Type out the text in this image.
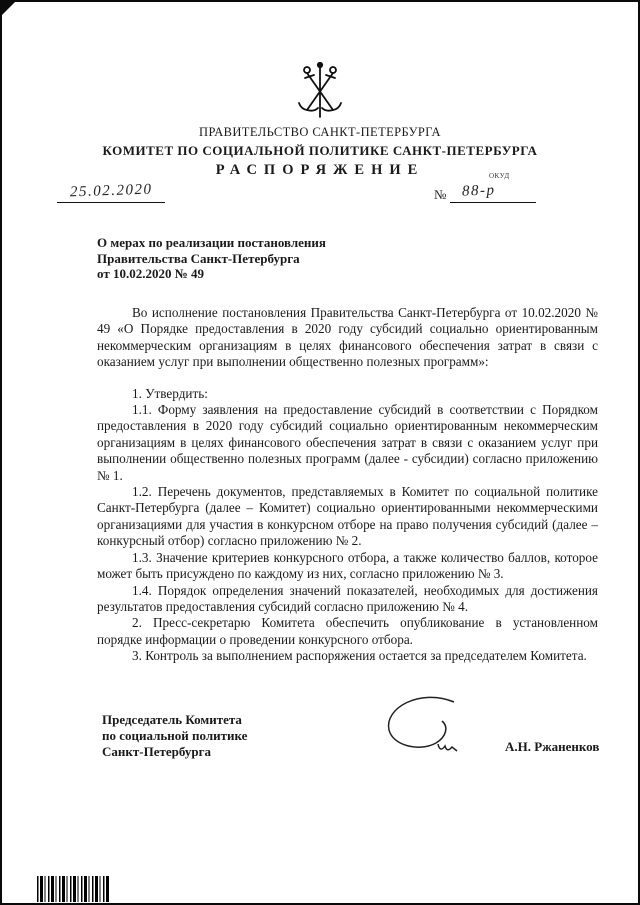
ПРАВИТЕЛЬСТВО САНКТ-ПЕТЕРБУРГА
КОМИТЕТ ПО СОЦИАЛЬНОЙ ПОЛИТИКЕ САНКТ-ПЕТЕРБУРГА
РАСПОРЯЖЕНИЕ	ОКУД
25.02.2020	№	88-р
О мерах по реализации постановления
Правительства Санкт-Петербурга
от 10.02.2020 № 49

Во исполнение постановления Правительства Санкт-Петербурга от 10.02.2020 № 49 «О Порядке предоставления в 2020 году субсидий социально ориентированным некоммерческим организациям в целях финансового обеспечения затрат в связи с оказанием услуг при выполнении общественно полезных программ»:

1. Утвердить:

1.1. Форму заявления на предоставление субсидий в соответствии с Порядком предоставления в 2020 году субсидий социально ориентированным некоммерческим организациям в целях финансового обеспечения затрат в связи с оказанием услуг при выполнении общественно полезных программ (далее - субсидии) согласно приложению № 1.

1.2. Перечень документов, представляемых в Комитет по социальной политике Санкт-Петербурга (далее – Комитет) социально ориентированными некоммерческими организациями для участия в конкурсном отборе на право получения субсидий (далее – конкурсный отбор) согласно приложению № 2.

1.3. Значение критериев конкурсного отбора, а также количество баллов, которое может быть присуждено по каждому из них, согласно приложению № 3.

1.4. Порядок определения значений показателей, необходимых для достижения результатов предоставления субсидий согласно приложению № 4.

2. Пресс-секретарю Комитета обеспечить опубликование в установленном порядке информации о проведении конкурсного отбора.

3. Контроль за выполнением распоряжения остается за председателем Комитета.

Председатель Комитета
по социальной политике
Санкт-Петербурга	А.Н. Ржаненков
